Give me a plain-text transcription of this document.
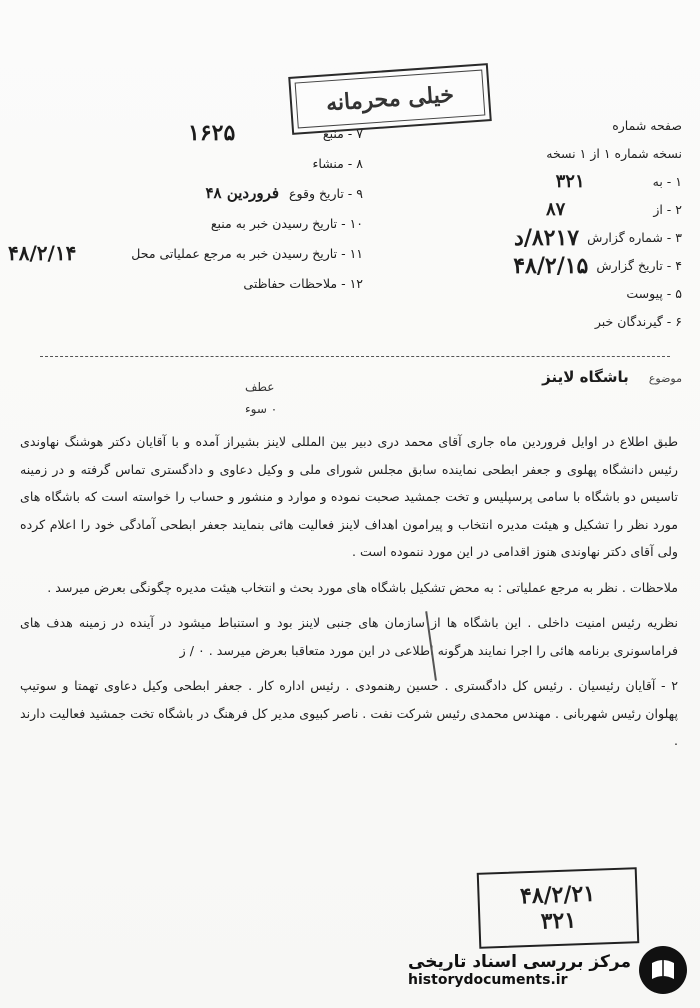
خیلی محرمانه
۷ - منبع
۱۶۲۵
۸ - منشاء
۹ - تاریخ وقوع
فروردین ۴۸
۱۰ - تاریخ رسیدن خبر به منبع
۱۱ - تاریخ رسیدن خبر به مرجع عملیاتی محل
۴۸/۲/۱۴
۱۲ - ملاحظات حفاظتی
صفحه شماره
نسخه شماره ۱ از ۱ نسخه
۱ - به
۳۲۱
۲ - از
۸۷
۳ - شماره گزارش
۸۲۱۷/د
۴ - تاریخ گزارش
۴۸/۲/۱۵
۵ - پیوست
۶ - گیرندگان خبر
موضوع
باشگاه لاینز
عطف
۰ سوء

طبق اطلاع در اوایل فروردین ماه جاری آقای محمد دری دبیر بین المللی لاینز بشیراز آمده و با آقایان دکتر هوشنگ نهاوندی رئیس دانشگاه پهلوی و جعفر ابطحی نماینده سابق مجلس شورای ملی و وکیل دعاوی و دادگستری تماس گرفته و در زمینه تاسیس دو باشگاه با سامی پرسپلیس و تخت جمشید صحبت نموده و موارد و منشور و حساب را خواسته است که باشگاه های مورد نظر را تشکیل و هیئت مدیره انتخاب و پیرامون اهداف لاینز فعالیت هائی بنمایند جعفر ابطحی آمادگی خود را اعلام کرده ولی آقای دکتر نهاوندی هنوز اقدامی در این مورد ننموده است .

ملاحظات . نظر به مرجع عملیاتی : به محض تشکیل باشگاه های مورد بحث و انتخاب هیئت مدیره چگونگی بعرض میرسد .

نظریه رئیس امنیت داخلی . این باشگاه ها از سازمان های جنبی لاینز بود و استنباط میشود در آینده در زمینه هدف های فراماسونری برنامه هائی را اجرا نمایند هرگونه اطلاعی در این مورد متعاقبا بعرض میرسد . ۰ / ز

۲ - آقایان رئیسیان . رئیس کل دادگستری . حسین رهنمودی . رئیس اداره کار . جعفر ابطحی وکیل دعاوی تهمتا و سوتیپ پهلوان رئیس شهربانی . مهندس محمدی رئیس شرکت نفت . ناصر کبیوی مدیر کل فرهنگ در باشگاه تخت جمشید فعالیت دارند .

۴۸/۲/۲۱
۳۲۱
مرکز بررسی اسناد تاریخی
historydocuments.ir
